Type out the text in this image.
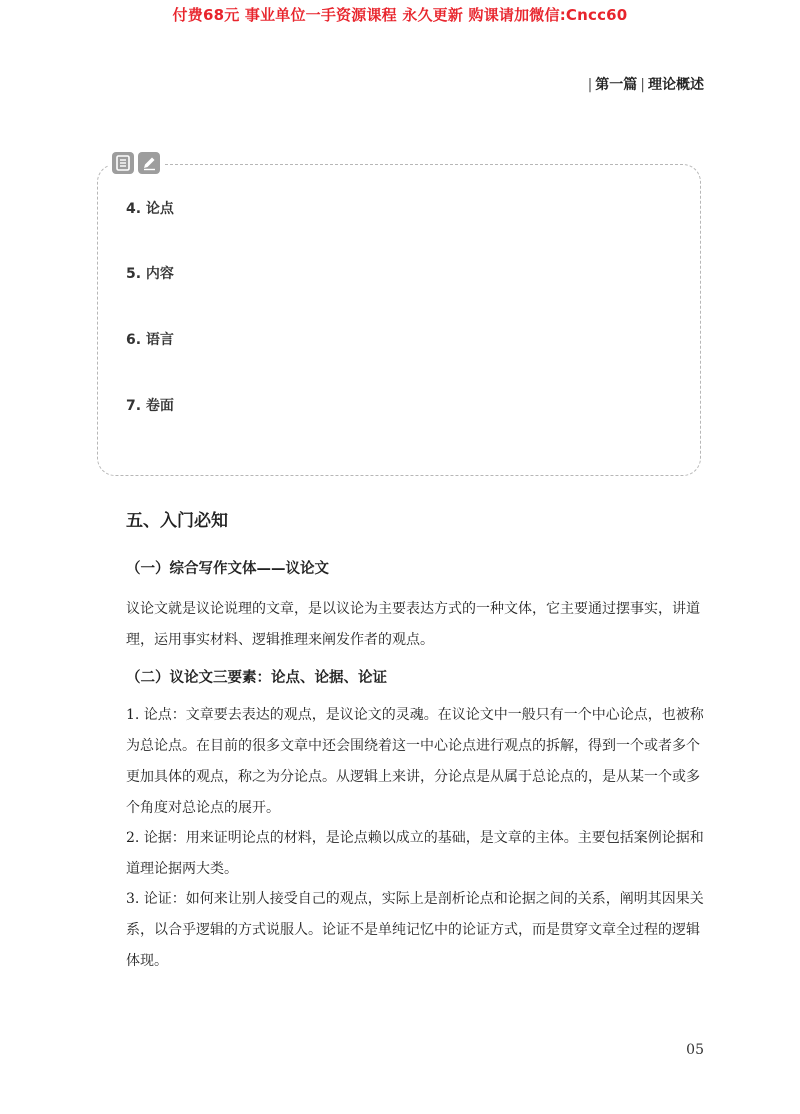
付费68元 事业单位一手资源课程 永久更新 购课请加微信:Cncc60
| 第一篇 | 理论概述
4. 论点
5. 内容
6. 语言
7. 卷面
五、入门必知
（一）综合写作文体——议论文
议论文就是议论说理的文章，是以议论为主要表达方式的一种文体，它主要通过摆事实，讲道理，运用事实材料、逻辑推理来阐发作者的观点。
（二）议论文三要素：论点、论据、论证
1. 论点：文章要去表达的观点，是议论文的灵魂。在议论文中一般只有一个中心论点，也被称为总论点。在目前的很多文章中还会围绕着这一中心论点进行观点的拆解，得到一个或者多个更加具体的观点，称之为分论点。从逻辑上来讲，分论点是从属于总论点的，是从某一个或多个角度对总论点的展开。
2. 论据：用来证明论点的材料，是论点赖以成立的基础，是文章的主体。主要包括案例论据和道理论据两大类。
3. 论证：如何来让别人接受自己的观点，实际上是剖析论点和论据之间的关系，阐明其因果关系，以合乎逻辑的方式说服人。论证不是单纯记忆中的论证方式，而是贯穿文章全过程的逻辑体现。
05
